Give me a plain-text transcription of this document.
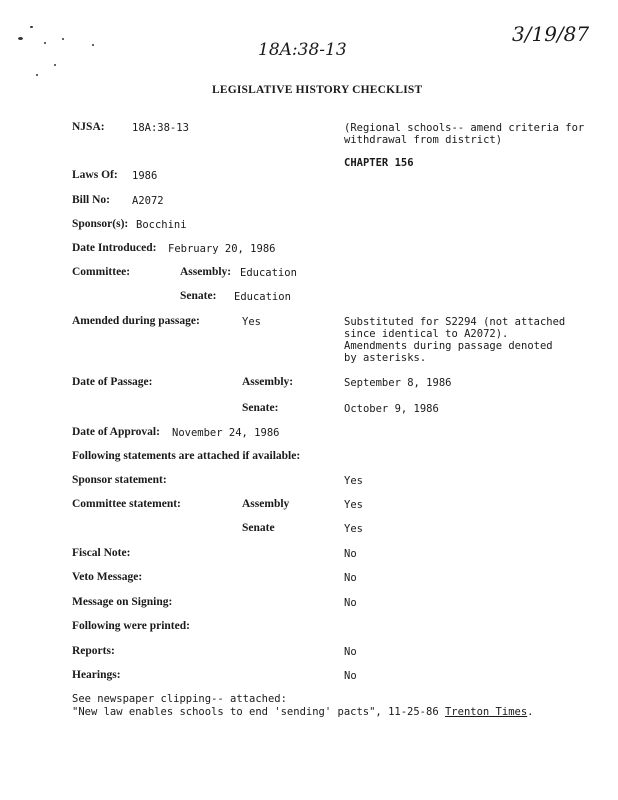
3/19/87
18A:38-13
LEGISLATIVE HISTORY CHECKLIST
NJSA:	18A:38-13	(Regional schools-- amend criteria for
withdrawal from district)
CHAPTER 156
Laws Of: 1986
Bill No: A2072
Sponsor(s): Bocchini
Date Introduced: February 20, 1986
Committee:	Assembly: Education
Senate: Education
Amended during passage:	Yes	Substituted for S2294 (not attached
since identical to A2072).
Amendments during passage denoted
by asterisks.
Date of Passage:	Assembly:	September 8, 1986
Senate:	October 9, 1986
Date of Approval: November 24, 1986
Following statements are attached if available:
Sponsor statement:	Yes
Committee statement:	Assembly	Yes
Senate	Yes
Fiscal Note:	No
Veto Message:	No
Message on Signing:	No
Following were printed:
Reports:	No
Hearings:	No
See newspaper clipping-- attached:
"New law enables schools to end 'sending' pacts", 11-25-86 Trenton Times.
